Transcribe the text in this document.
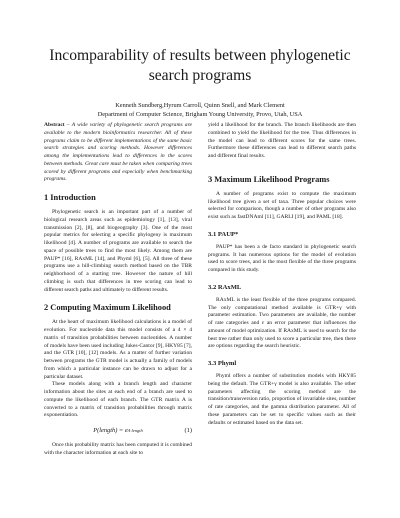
Incomparability of results between phylogenetic search programs
Kenneth Sundberg,Hyrum Carroll, Quinn Snell, and Mark Clement
Department of Computer Science, Brigham Young University, Provo, Utah, USA

Abstract – A wide variety of phylogenetic search programs are available to the modern bioinformatics researcher. All of these programs claim to be different implementations of the same basic search strategies and scoring methods. However differences among the implementations lead to differences in the scores between methods. Great care must be taken when comparing trees scored by different programs and especially when benchmarking programs.

1 Introduction

Phylogenetic search is an important part of a number of biological research areas such as epidemiology [1], [13], viral transmission [2], [8], and biogeography [3]. One of the most popular metrics for selecting a specific phylogeny is maximum likelihood [4]. A number of programs are available to search the space of possible trees to find the most likely. Among them are PAUP* [16], RAxML [14], and Phyml [6], [5]. All three of these programs use a hill-climbing search method based on the TBR neighborhood of a starting tree. However the nature of hill climbing is such that differences in tree scoring can lead to different search paths and ultimately to different results.

2 Computing Maximum Likelihood

At the heart of maximum likelihood calculations is a model of evolution. For nucleotide data this model consists of a 4 × 4 matrix of transition probabilities between nucleotides. A number of models have been used including Jukes-Cantor [9], HKY85 [7], and the GTR [10], [12] models. As a matter of further variation between programs the GTR model is actually a family of models from which a particular instance can be drawn to adjust for a particular dataset.

These models along with a branch length and character information about the sites at each end of a branch are used to compute the likelihood of each branch. The GTR matrix A is converted to a matrix of transition probabilities through matrix exponentiation.

P(length) = e A·length	(1)

Once this probability matrix has been computed it is combined with the character information at each site to

yield a likelihood for the branch. The branch likelihoods are then combined to yield the likelihood for the tree. Thus differences in the model can lead to different scores for the same trees. Furthermore these differences can lead to different search paths and different final results.

3 Maximum Likelihood Programs

A number of programs exist to compute the maximum likelihood tree given a set of taxa. Three popular choices were selected for comparison, though a number of other programs also exist such as fastDNAml [11], GARLI [19], and PAML [18].

3.1 PAUP*

PAUP* has been a de facto standard in phylogenetic search programs. It has numerous options for the model of evolution used to score trees, and is the most flexible of the three programs compared in this study.

3.2 RAxML

RAxML is the least flexible of the three programs compared. The only computational method available is GTR+γ with parameter estimation. Two parameters are available, the number of rate categories and ε an error parameter that influences the amount of model optimization. If RAxML is used to search for the best tree rather than only used to score a particular tree, then there are options regarding the search heuristic.

3.3 Phyml

Phyml offers a number of substitution models with HKY85 being the default. The GTR+γ model is also available. The other parameters affecting the scoring method are the transition/transversion ratio, proportion of invariable sites, number of rate categories, and the gamma distribution parameter. All of these parameters can be set to specific values such as their defaults or estimated based on the data set.
